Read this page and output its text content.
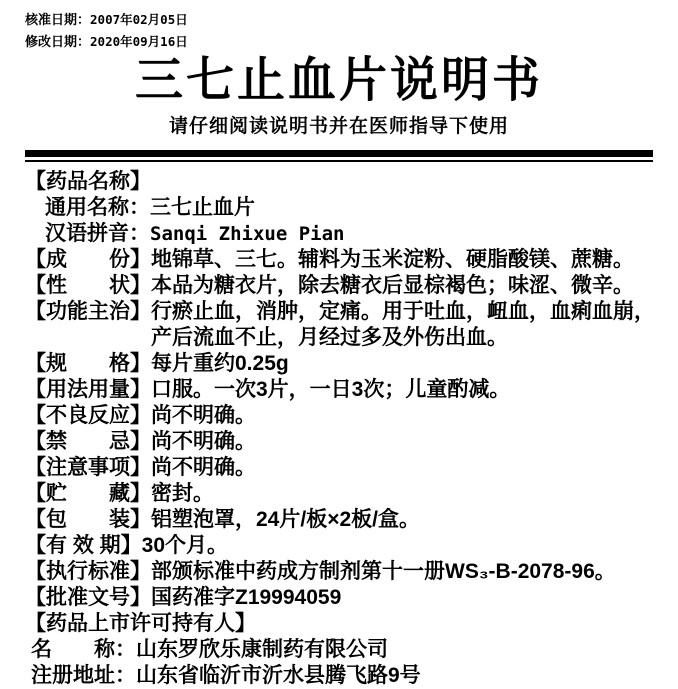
核准日期：2007年02月05日
修改日期：2020年09月16日
三七止血片说明书
请仔细阅读说明书并在医师指导下使用
【药品名称】
通用名称： 三七止血片
汉语拼音： Sanqi Zhixue Pian
【成　　份】 地锦草、三七。辅料为玉米淀粉、硬脂酸镁、蔗糖。
【性　　状】 本品为糖衣片，除去糖衣后显棕褐色；味涩、微辛。
【功能主治】 行瘀止血，消肿，定痛。用于吐血，衄血，血痢血崩，产后流血不止，月经过多及外伤出血。
【规　　格】 每片重约0.25g
【用法用量】 口服。一次3片，一日3次；儿童酌减。
【不良反应】 尚不明确。
【禁　　忌】 尚不明确。
【注意事项】 尚不明确。
【贮　　藏】 密封。
【包　　装】 铝塑泡罩，24片/板×2板/盒。
【有 效 期】 30个月。
【执行标准】 部颁标准中药成方制剂第十一册WS₃-B-2078-96。
【批准文号】 国药准字Z19994059
【药品上市许可持有人】
名　　称： 山东罗欣乐康制药有限公司
注册地址： 山东省临沂市沂水县腾飞路9号
